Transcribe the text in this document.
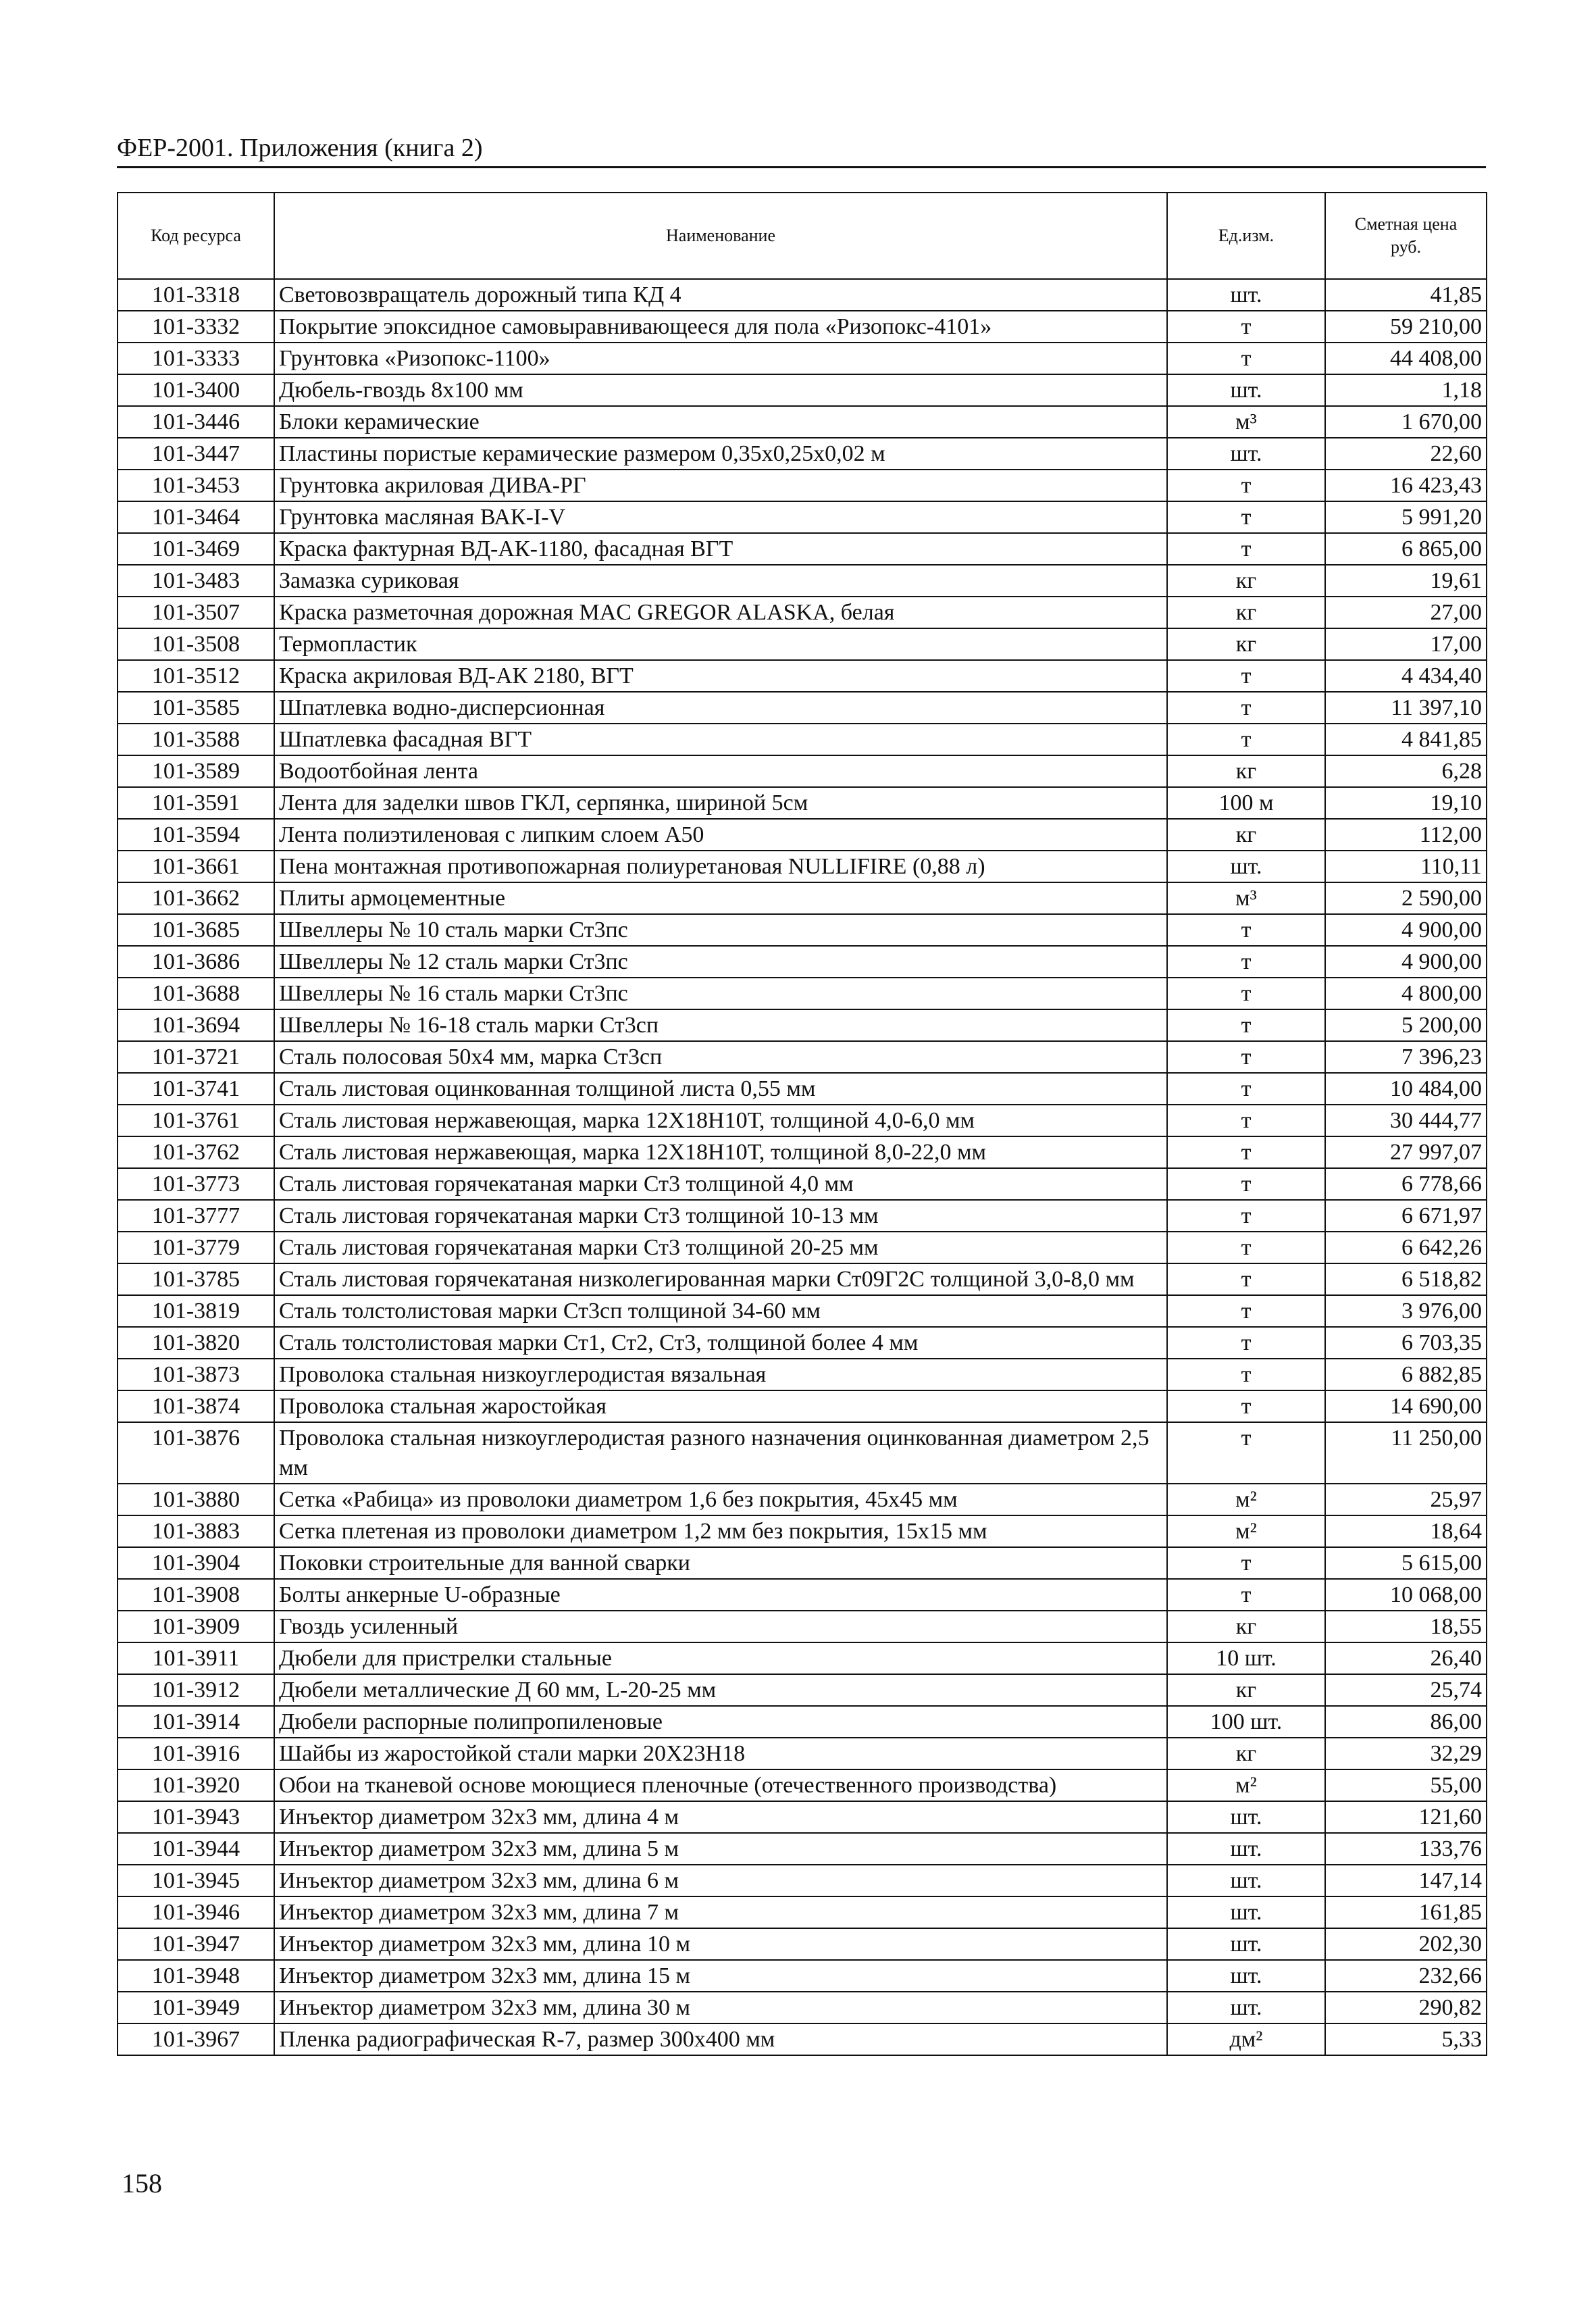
ФЕР-2001. Приложения (книга 2)
Код ресурса	Наименование	Ед.изм.	Сметная цена руб.
101-3318	Световозвращатель дорожный типа КД 4	шт.	41,85
101-3332	Покрытие эпоксидное самовыравнивающееся для пола «Ризопокс-4101»	т	59 210,00
101-3333	Грунтовка «Ризопокс-1100»	т	44 408,00
101-3400	Дюбель-гвоздь 8х100 мм	шт.	1,18
101-3446	Блоки керамические	м³	1 670,00
101-3447	Пластины пористые керамические размером 0,35х0,25х0,02 м	шт.	22,60
101-3453	Грунтовка акриловая ДИВА-РГ	т	16 423,43
101-3464	Грунтовка масляная ВАК-I-V	т	5 991,20
101-3469	Краска фактурная ВД-АК-1180, фасадная ВГТ	т	6 865,00
101-3483	Замазка суриковая	кг	19,61
101-3507	Краска разметочная дорожная MAC GREGOR ALASKA, белая	кг	27,00
101-3508	Термопластик	кг	17,00
101-3512	Краска акриловая ВД-АК 2180, ВГТ	т	4 434,40
101-3585	Шпатлевка водно-дисперсионная	т	11 397,10
101-3588	Шпатлевка фасадная ВГТ	т	4 841,85
101-3589	Водоотбойная лента	кг	6,28
101-3591	Лента для заделки швов ГКЛ, серпянка, шириной 5см	100 м	19,10
101-3594	Лента полиэтиленовая с липким слоем А50	кг	112,00
101-3661	Пена монтажная противопожарная полиуретановая NULLIFIRE (0,88 л)	шт.	110,11
101-3662	Плиты армоцементные	м³	2 590,00
101-3685	Швеллеры № 10 сталь марки Ст3пс	т	4 900,00
101-3686	Швеллеры № 12 сталь марки Ст3пс	т	4 900,00
101-3688	Швеллеры № 16 сталь марки Ст3пс	т	4 800,00
101-3694	Швеллеры № 16-18 сталь марки Ст3сп	т	5 200,00
101-3721	Сталь полосовая 50х4 мм, марка Ст3сп	т	7 396,23
101-3741	Сталь листовая оцинкованная толщиной листа 0,55 мм	т	10 484,00
101-3761	Сталь листовая нержавеющая, марка 12Х18Н10Т, толщиной 4,0-6,0 мм	т	30 444,77
101-3762	Сталь листовая нержавеющая, марка 12Х18Н10Т, толщиной 8,0-22,0 мм	т	27 997,07
101-3773	Сталь листовая горячекатаная марки Ст3 толщиной 4,0 мм	т	6 778,66
101-3777	Сталь листовая горячекатаная марки Ст3 толщиной 10-13 мм	т	6 671,97
101-3779	Сталь листовая горячекатаная марки Ст3 толщиной 20-25 мм	т	6 642,26
101-3785	Сталь листовая горячекатаная низколегированная марки Ст09Г2С толщиной 3,0-8,0 мм	т	6 518,82
101-3819	Сталь толстолистовая марки Ст3сп толщиной 34-60 мм	т	3 976,00
101-3820	Сталь толстолистовая марки Ст1, Ст2, Ст3, толщиной более 4 мм	т	6 703,35
101-3873	Проволока стальная низкоуглеродистая вязальная	т	6 882,85
101-3874	Проволока стальная жаростойкая	т	14 690,00
101-3876	Проволока стальная низкоуглеродистая разного назначения оцинкованная диаметром 2,5 мм	т	11 250,00
101-3880	Сетка «Рабица» из проволоки диаметром 1,6 без покрытия, 45х45 мм	м²	25,97
101-3883	Сетка плетеная из проволоки диаметром 1,2 мм без покрытия, 15х15 мм	м²	18,64
101-3904	Поковки строительные для ванной сварки	т	5 615,00
101-3908	Болты анкерные U-образные	т	10 068,00
101-3909	Гвоздь усиленный	кг	18,55
101-3911	Дюбели для пристрелки стальные	10 шт.	26,40
101-3912	Дюбели металлические Д 60 мм, L-20-25 мм	кг	25,74
101-3914	Дюбели распорные полипропиленовые	100 шт.	86,00
101-3916	Шайбы из жаростойкой стали марки 20Х23Н18	кг	32,29
101-3920	Обои на тканевой основе моющиеся пленочные (отечественного производства)	м²	55,00
101-3943	Инъектор диаметром 32х3 мм, длина 4 м	шт.	121,60
101-3944	Инъектор диаметром 32х3 мм, длина 5 м	шт.	133,76
101-3945	Инъектор диаметром 32х3 мм, длина 6 м	шт.	147,14
101-3946	Инъектор диаметром 32х3 мм, длина 7 м	шт.	161,85
101-3947	Инъектор диаметром 32х3 мм, длина 10 м	шт.	202,30
101-3948	Инъектор диаметром 32х3 мм, длина 15 м	шт.	232,66
101-3949	Инъектор диаметром 32х3 мм, длина 30 м	шт.	290,82
101-3967	Пленка радиографическая R-7, размер 300х400 мм	дм²	5,33
158
